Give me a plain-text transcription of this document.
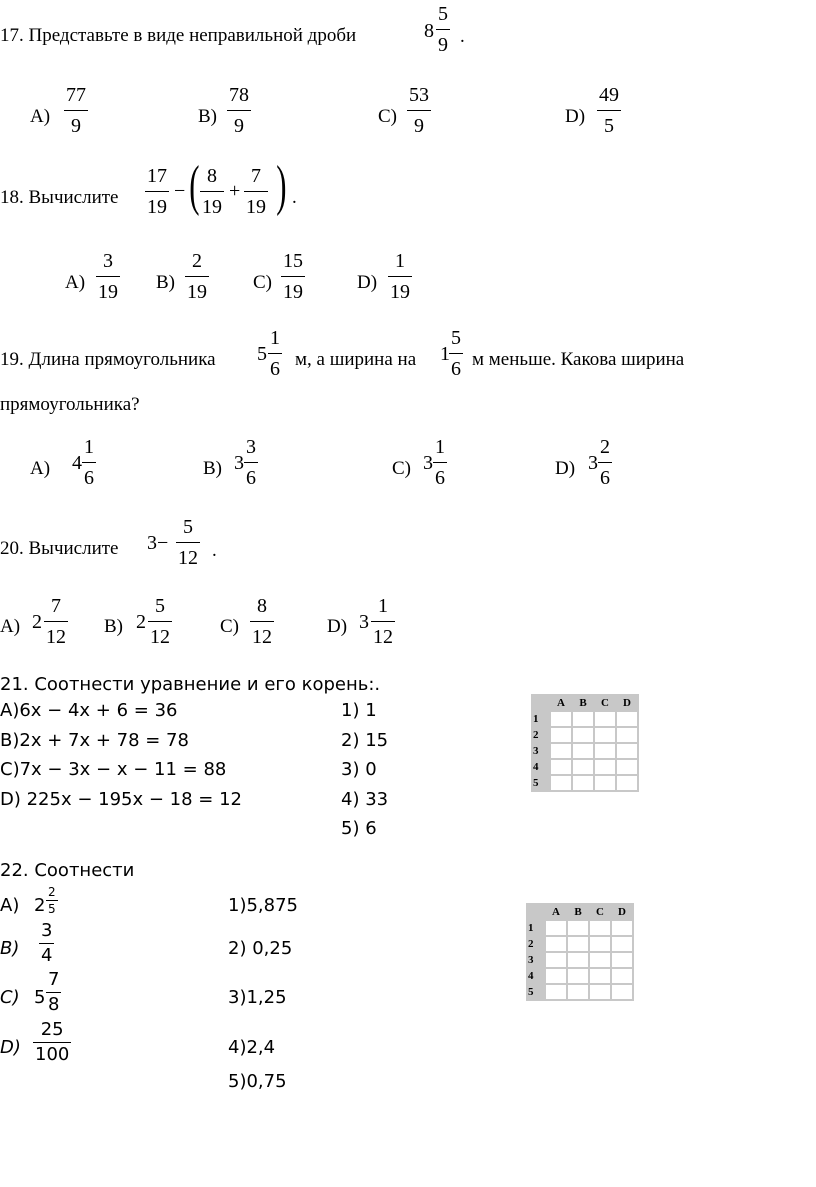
17. Представьте в виде неправильной дроби	8
5
9 .
A)
77
9	B)
78
9	C)
53
9	D)
49
5
18. Вычислите
17
19
− ( 8
19
+
7
19 ) .
A)
3
19 B)
2
19 C)
15
19	D)
1
19
19. Длина прямоугольника 5
1
6 м, а ширина на 1
5
6 м меньше. Какова ширина
прямоугольника?
A) 4
1
6	B) 3
3
6	C) 3
1
6	D) 3
2
6
20. Вычислите 3−
5
12 .
A) 2
7
12 B) 2
5
12	C)
8
12	D) 3
1
12
21. Соотнести уравнение и его корень:.
А)6x − 4x + 6 = 36
В)2x + 7x + 78 = 78
С)7x − 3x − x − 11 = 88
D) 225x − 195x − 18 = 12
1) 1
2) 15
3) 0
4) 33
5) 6
	A	B	C	D
1				
2				
3				
4				
5				
22. Соотнести
А) 2
2
5
B)
3
4
C) 5
7
8
D)
25
100
1)5,875
2) 0,25
3)1,25
4)2,4
5)0,75
	A	B	C	D
1				
2				
3				
4				
5				
